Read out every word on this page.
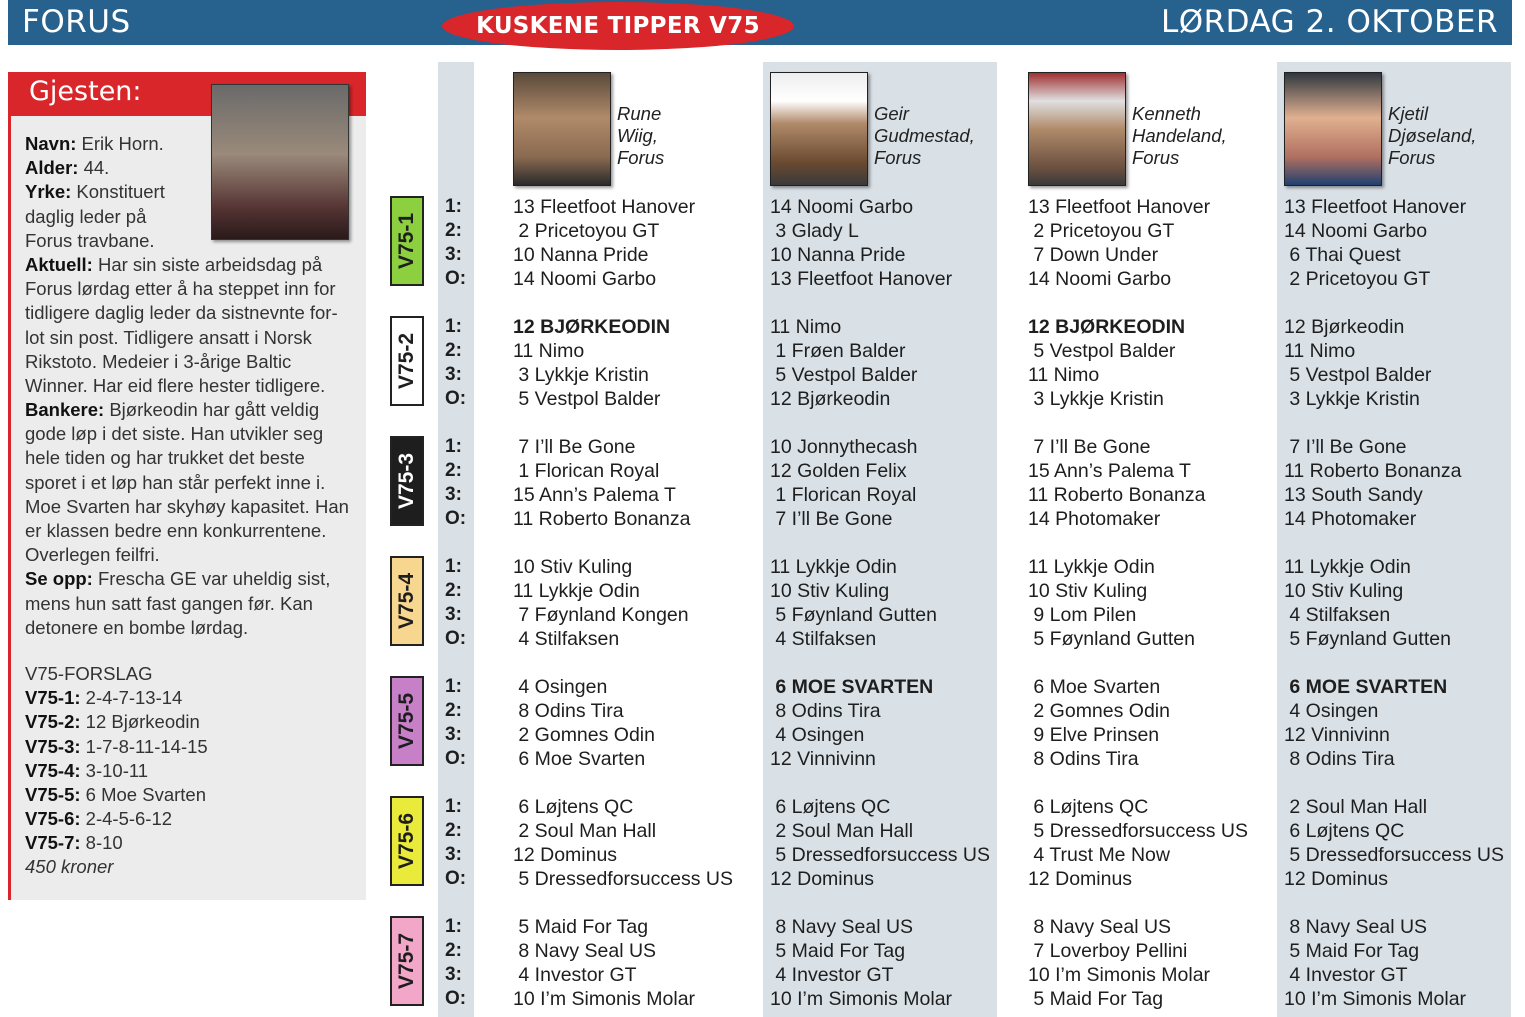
FORUS	KUSKENE TIPPER V75	LØRDAG 2. OKTOBER
Gjesten:
Navn: Erik Horn.
Alder: 44.
Yrke: Konstituert
daglig leder på
Forus travbane.
Aktuell: Har sin siste arbeidsdag på
Forus lørdag etter å ha steppet inn for
tidligere daglig leder da sistnevnte for-
lot sin post. Tidligere ansatt i Norsk
Rikstoto. Medeier i 3-årige Baltic
Winner. Har eid flere hester tidligere.
Bankere: Bjørkeodin har gått veldig
gode løp i det siste. Han utvikler seg
hele tiden og har trukket det beste
sporet i et løp han står perfekt inne i.
Moe Svarten har skyhøy kapasitet. Han
er klassen bedre enn konkurrentene.
Overlegen feilfri.
Se opp: Frescha GE var uheldig sist,
mens hun satt fast gangen før. Kan
detonere en bombe lørdag.
V75-FORSLAG
V75-1: 2-4-7-13-14
V75-2: 12 Bjørkeodin
V75-3: 1-7-8-11-14-15
V75-4: 3-10-11
V75-5: 6 Moe Svarten
V75-6: 2-4-5-6-12
V75-7: 8-10
450 kroner
V75-1
1:
2:
3:
O:
V75-2
1:
2:
3:
O:
V75-3
1:
2:
3:
O:
V75-4
1:
2:
3:
O:
V75-5
1:
2:
3:
O:
V75-6
1:
2:
3:
O:
V75-7
1:
2:
3:
O:
Rune
Wiig,
Forus
13 Fleetfoot Hanover
2 Pricetoyou GT
10 Nanna Pride
14 Noomi Garbo
12 BJØRKEODIN
11 Nimo
3 Lykkje Kristin
5 Vestpol Balder
7 I’ll Be Gone
1 Florican Royal
15 Ann’s Palema T
11 Roberto Bonanza
10 Stiv Kuling
11 Lykkje Odin
7 Føynland Kongen
4 Stilfaksen
4 Osingen
8 Odins Tira
2 Gomnes Odin
6 Moe Svarten
6 Løjtens QC
2 Soul Man Hall
12 Dominus
5 Dressedforsuccess US
5 Maid For Tag
8 Navy Seal US
4 Investor GT
10 I’m Simonis Molar
Geir
Gudmestad,
Forus
14 Noomi Garbo
3 Glady L
10 Nanna Pride
13 Fleetfoot Hanover
11 Nimo
1 Frøen Balder
5 Vestpol Balder
12 Bjørkeodin
10 Jonnythecash
12 Golden Felix
1 Florican Royal
7 I’ll Be Gone
11 Lykkje Odin
10 Stiv Kuling
5 Føynland Gutten
4 Stilfaksen
6 MOE SVARTEN
8 Odins Tira
4 Osingen
12 Vinnivinn
6 Løjtens QC
2 Soul Man Hall
5 Dressedforsuccess US
12 Dominus
8 Navy Seal US
5 Maid For Tag
4 Investor GT
10 I’m Simonis Molar
Kenneth
Handeland,
Forus
13 Fleetfoot Hanover
2 Pricetoyou GT
7 Down Under
14 Noomi Garbo
12 BJØRKEODIN
5 Vestpol Balder
11 Nimo
3 Lykkje Kristin
7 I’ll Be Gone
15 Ann’s Palema T
11 Roberto Bonanza
14 Photomaker
11 Lykkje Odin
10 Stiv Kuling
9 Lom Pilen
5 Føynland Gutten
6 Moe Svarten
2 Gomnes Odin
9 Elve Prinsen
8 Odins Tira
6 Løjtens QC
5 Dressedforsuccess US
4 Trust Me Now
12 Dominus
8 Navy Seal US
7 Loverboy Pellini
10 I’m Simonis Molar
5 Maid For Tag
Kjetil
Djøseland,
Forus
13 Fleetfoot Hanover
14 Noomi Garbo
6 Thai Quest
2 Pricetoyou GT
12 Bjørkeodin
11 Nimo
5 Vestpol Balder
3 Lykkje Kristin
7 I’ll Be Gone
11 Roberto Bonanza
13 South Sandy
14 Photomaker
11 Lykkje Odin
10 Stiv Kuling
4 Stilfaksen
5 Føynland Gutten
6 MOE SVARTEN
4 Osingen
12 Vinnivinn
8 Odins Tira
2 Soul Man Hall
6 Løjtens QC
5 Dressedforsuccess US
12 Dominus
8 Navy Seal US
5 Maid For Tag
4 Investor GT
10 I’m Simonis Molar
